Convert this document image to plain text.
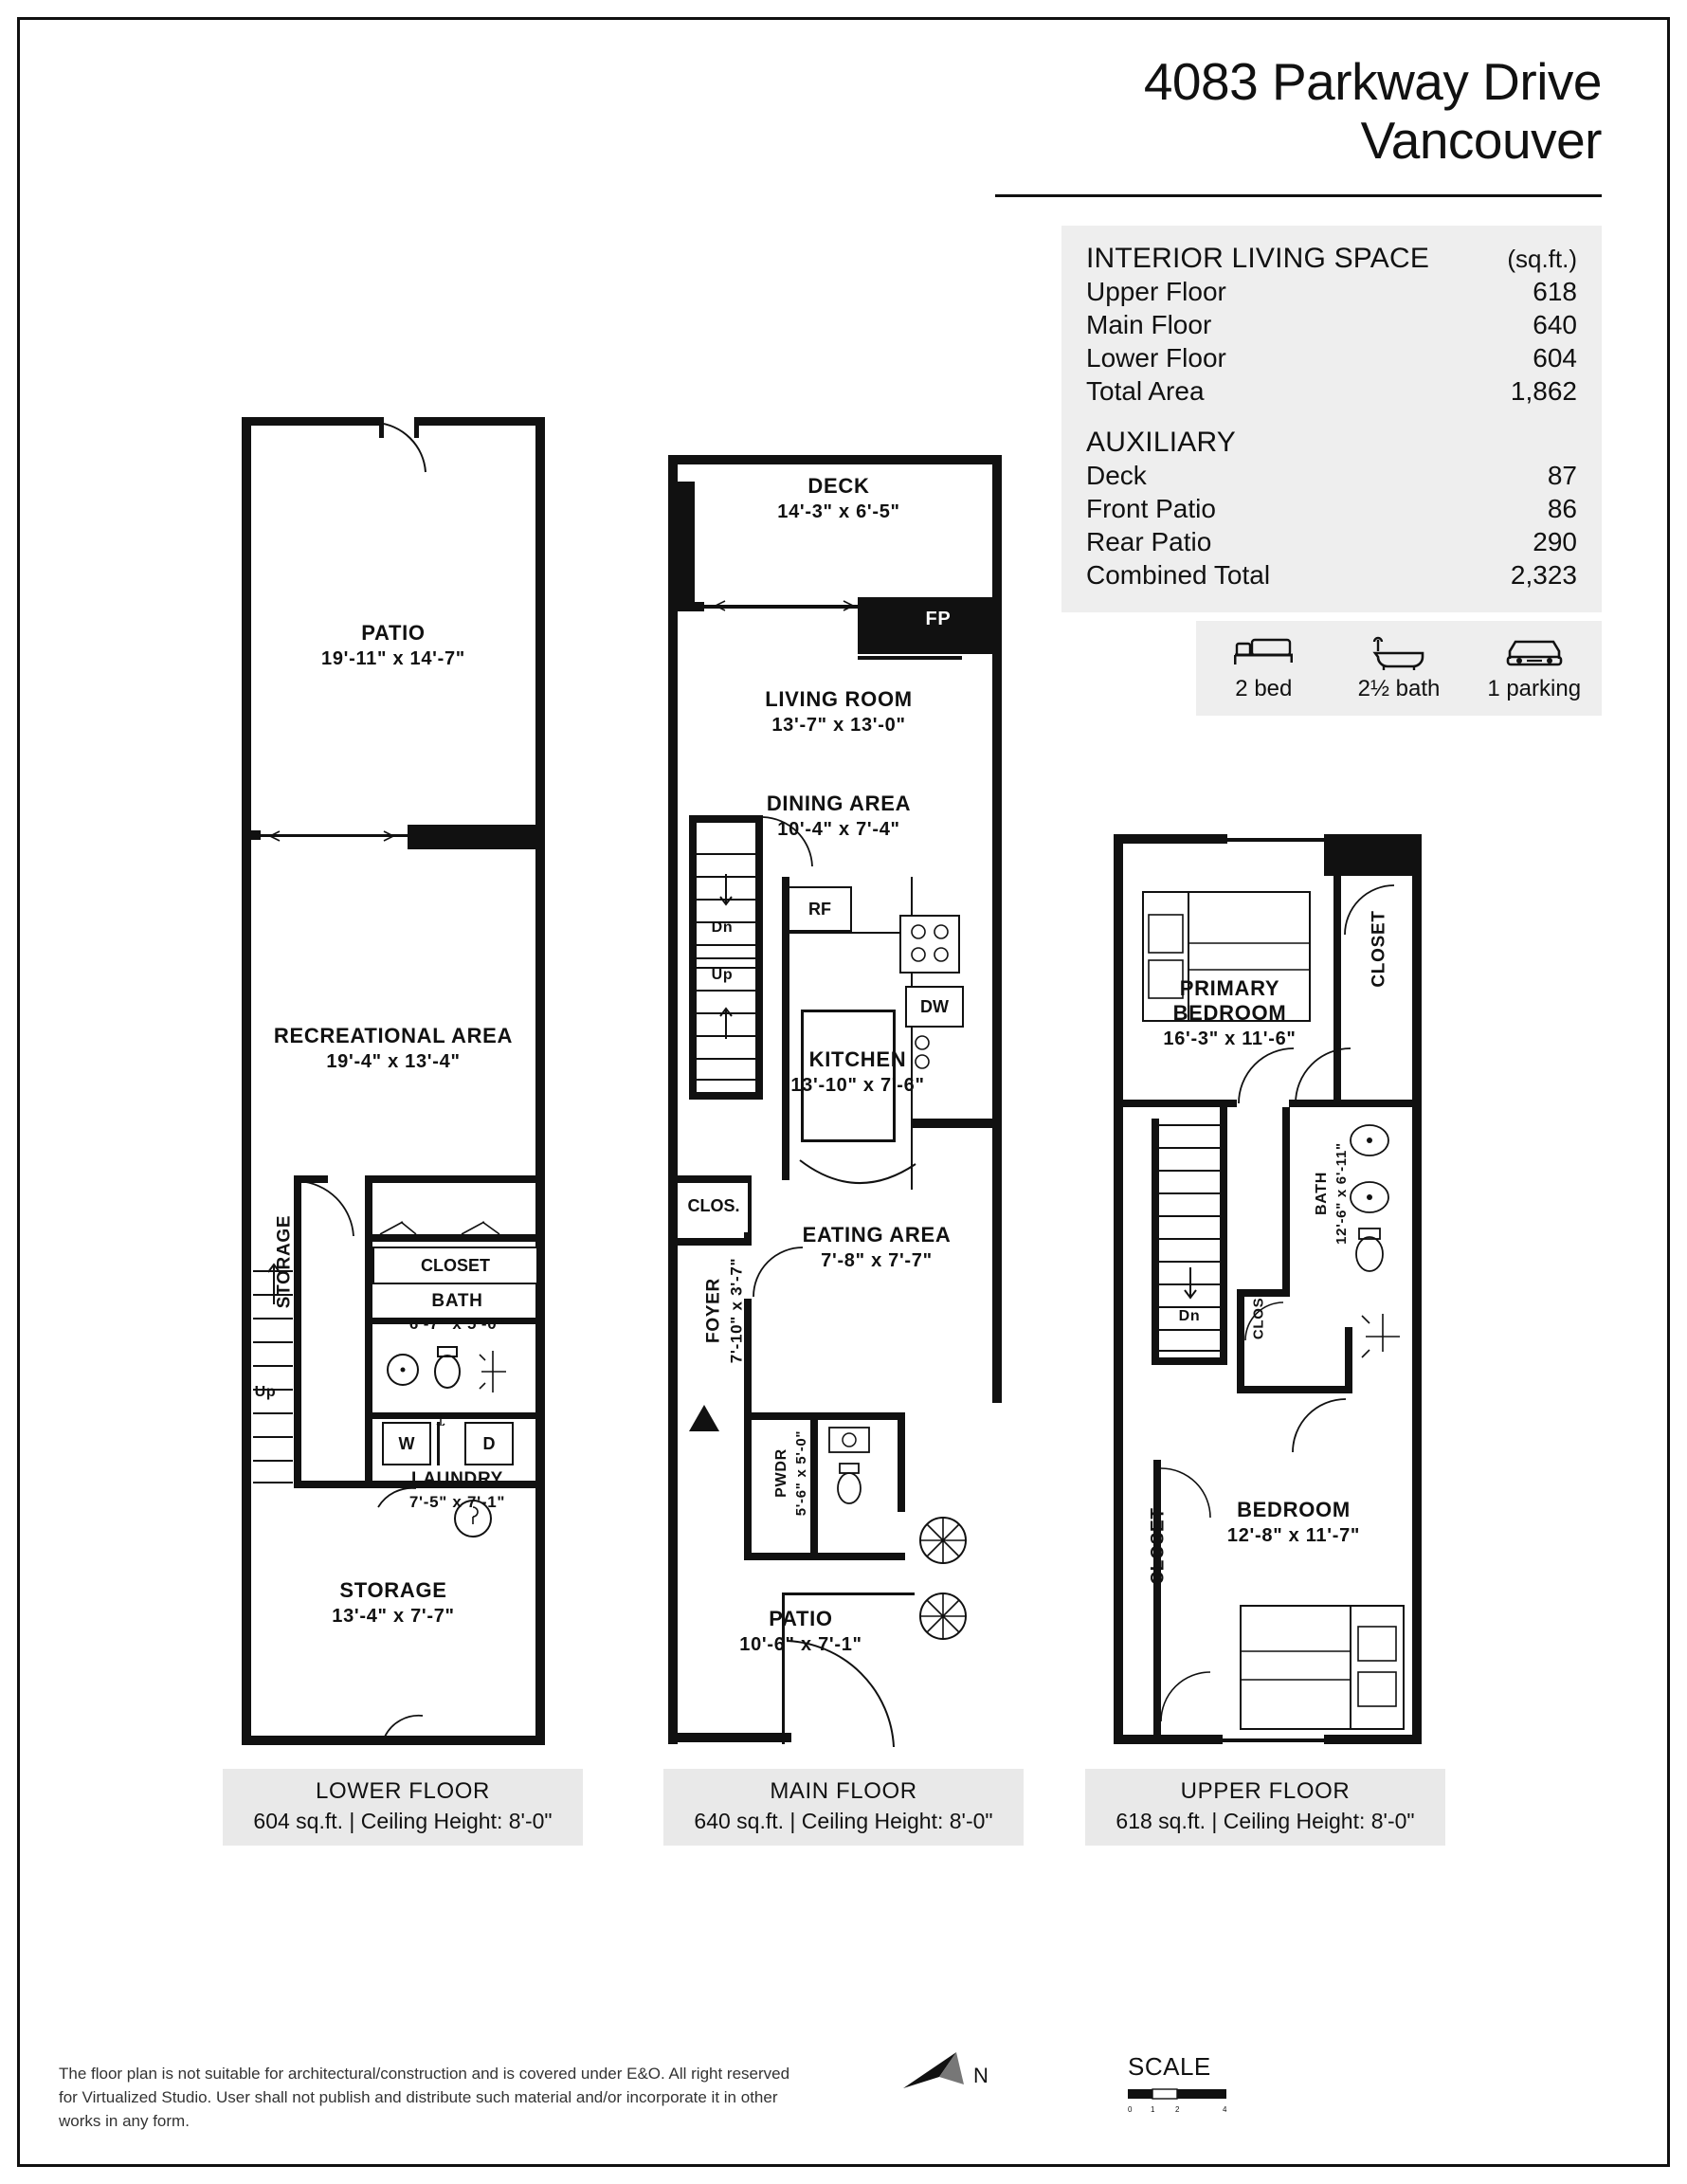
4083 Parkway Drive
Vancouver
INTERIOR LIVING SPACE	(sq.ft.)
Upper Floor	618
Main Floor	640
Lower Floor	604
Total Area	1,862
AUXILIARY
Deck	87
Front Patio	86
Rear Patio	290
Combined Total	2,323
2 bed	2½ bath	1 parking
CLOSET
W	D
PATIO
19'-11" x 14'-7"
RECREATIONAL AREA
19'-4" x 13'-4"
STORAGE	BATH
6'-7" x 5'-0"
LAUNDRY
7'-5" x 7'-1"
STORAGE
13'-4" x 7'-7"
Up
FP
Dn
Up
RF
DW
CLOS.
FOYER 7'-10" x 3'-7"
PWDR 5'-6" x 5'-0"
DECK
14'-3" x 6'-5"
LIVING ROOM
13'-7" x 13'-0"
DINING AREA
10'-4" x 7'-4"
KITCHEN
13'-10" x 7'-6"
EATING AREA
7'-8" x 7'-7"
PATIO
10'-6" x 7'-1"
CLOSET
Dn
BATH 12'-6" x 6'-11"
CLOS.
CLOSET
PRIMARY BEDROOM
16'-3" x 11'-6"
BEDROOM
12'-8" x 11'-7"
LOWER FLOOR
604 sq.ft. | Ceiling Height: 8'-0"
MAIN FLOOR
640 sq.ft. | Ceiling Height: 8'-0"
UPPER FLOOR
618 sq.ft. | Ceiling Height: 8'-0"
The floor plan is not suitable for architectural/construction and is covered under E&O. All right reserved for Virtualized Studio. User shall not publish and distribute such material and/or incorporate it in other works in any form.
N	SCALE
0 1	2	4
